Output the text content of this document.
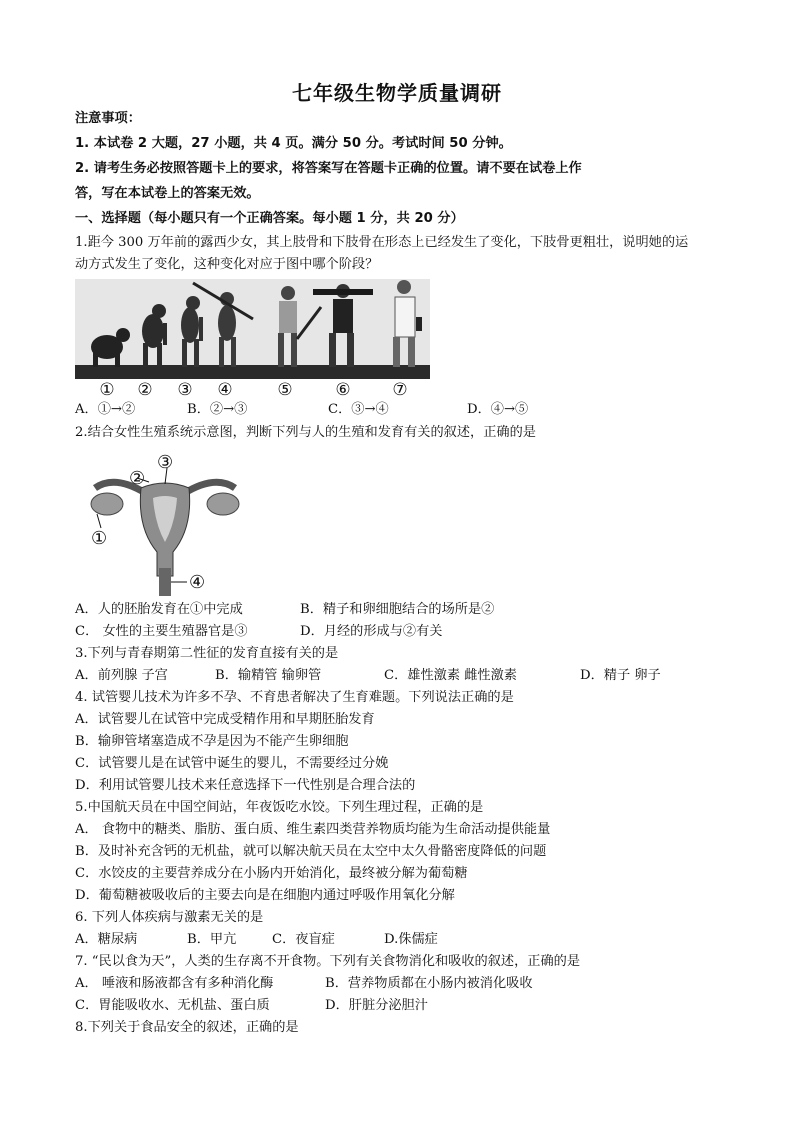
七年级生物学质量调研
注意事项：
1. 本试卷 2 大题，27 小题，共 4 页。满分 50 分。考试时间 50 分钟。
2. 请考生务必按照答题卡上的要求，将答案写在答题卡正确的位置。请不要在试卷上作
答，写在本试卷上的答案无效。
一、选择题（每小题只有一个正确答案。每小题 1 分，共 20 分）
1.距今 300 万年前的露西少女，其上肢骨和下肢骨在形态上已经发生了变化，下肢骨更粗壮，说明她的运
动方式发生了变化，这种变化对应于图中哪个阶段？
① ② ③ ④	⑤	⑥ ⑦
A．①→②	B．②→③	C．③→④	D．④→⑤
2.结合女性生殖系统示意图，判断下列与人的生殖和发育有关的叙述，正确的是
①
②
③
④
A．人的胚胎发育在①中完成	B．精子和卵细胞结合的场所是②
C． 女性的主要生殖器官是③	D．月经的形成与②有关
3.下列与青春期第二性征的发育直接有关的是
A．前列腺 子宫	B．输精管 输卵管	C．雄性激素 雌性激素	D．精子 卵子
4. 试管婴儿技术为许多不孕、不育患者解决了生育难题。下列说法正确的是
A．试管婴儿在试管中完成受精作用和早期胚胎发育
B．输卵管堵塞造成不孕是因为不能产生卵细胞
C．试管婴儿是在试管中诞生的婴儿，不需要经过分娩
D．利用试管婴儿技术来任意选择下一代性别是合理合法的
5.中国航天员在中国空间站，年夜饭吃水饺。下列生理过程，正确的是
A． 食物中的糖类、脂肪、蛋白质、维生素四类营养物质均能为生命活动提供能量
B．及时补充含钙的无机盐，就可以解决航天员在太空中太久骨骼密度降低的问题
C．水饺皮的主要营养成分在小肠内开始消化，最终被分解为葡萄糖
D．葡萄糖被吸收后的主要去向是在细胞内通过呼吸作用氧化分解
6. 下列人体疾病与激素无关的是
A．糖尿病	B．甲亢	C．夜盲症	D.侏儒症
7. “民以食为天”，人类的生存离不开食物。下列有关食物消化和吸收的叙述，正确的是
A． 唾液和肠液都含有多种消化酶	B．营养物质都在小肠内被消化吸收
C．胃能吸收水、无机盐、蛋白质	D．肝脏分泌胆汁
8.下列关于食品安全的叙述，正确的是
